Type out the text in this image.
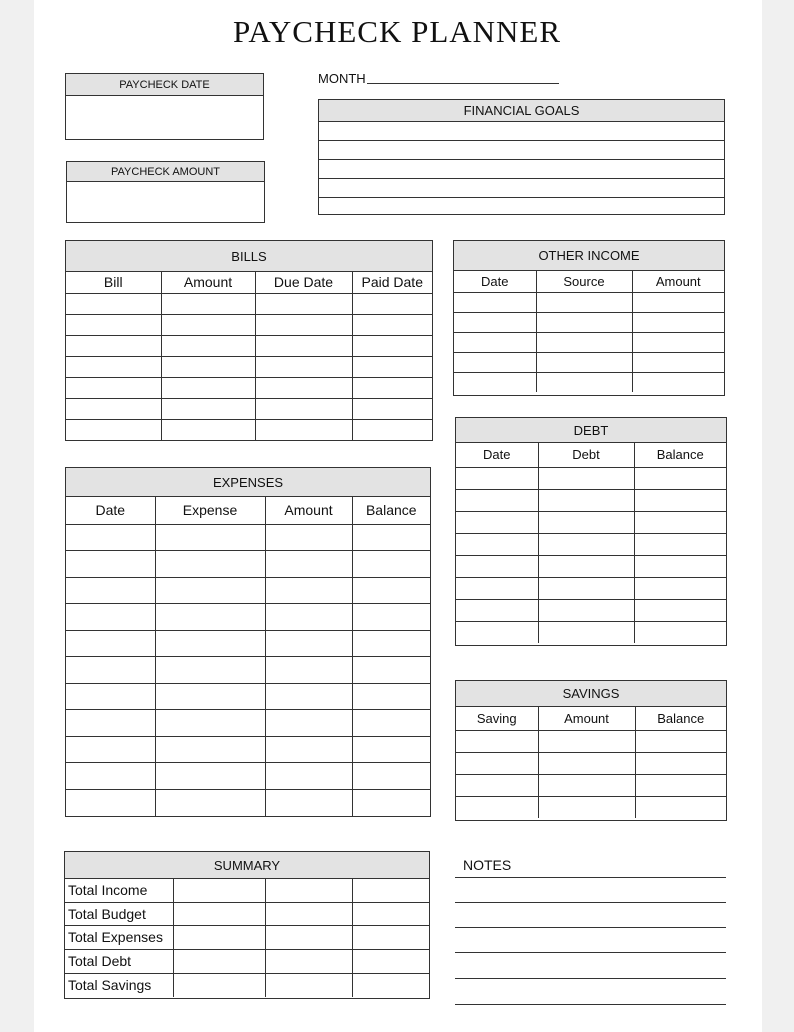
PAYCHECK PLANNER
PAYCHECK DATE
PAYCHECK AMOUNT
MONTH
FINANCIAL GOALS
BILLS
Bill	Amount	Due Date	Paid Date

OTHER INCOME
Date	Source	Amount

DEBT
Date	Debt	Balance

EXPENSES
Date	Expense	Amount	Balance

SAVINGS
Saving	Amount	Balance

SUMMARY
Total Income			
Total Budget			
Total Expenses			
Total Debt			
Total Savings			
NOTES
